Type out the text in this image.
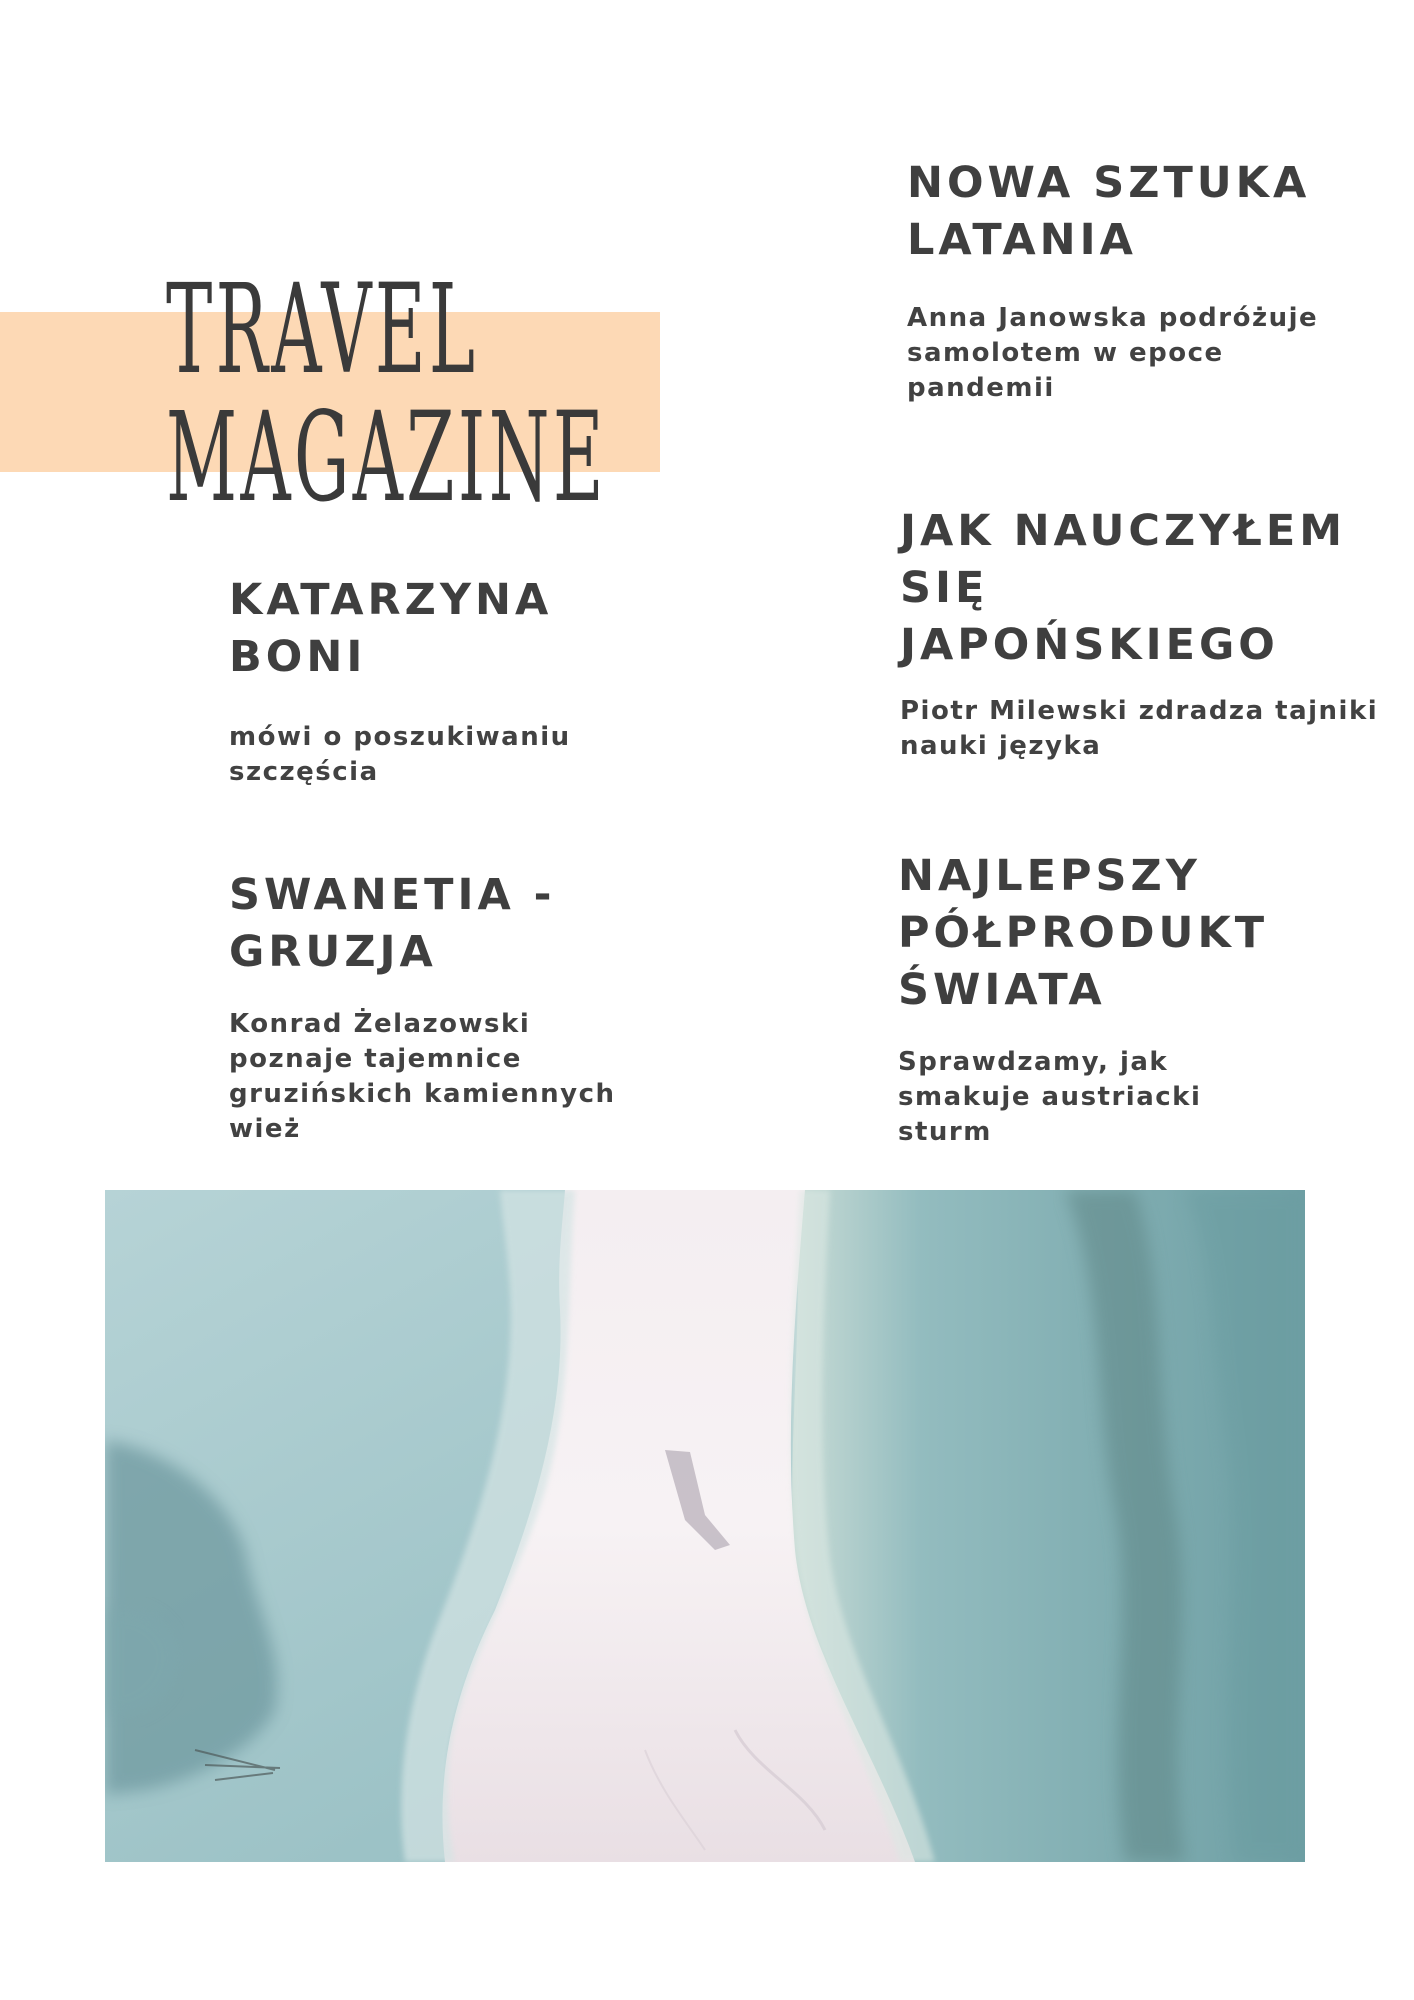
TRAVEL
MAGAZINE
NOWA SZTUKA LATANIA

Anna Janowska podróżuje samolotem w epoce pandemii

KATARZYNA BONI

mówi o poszukiwaniu szczęścia

JAK NAUCZYŁEM SIĘ JAPOŃSKIEGO

Piotr Milewski zdradza tajniki nauki języka

SWANETIA - GRUZJA

Konrad Żelazowski poznaje tajemnice gruzińskich kamiennych wież

NAJLEPSZY PÓŁPRODUKT ŚWIATA

Sprawdzamy, jak smakuje austriacki sturm
